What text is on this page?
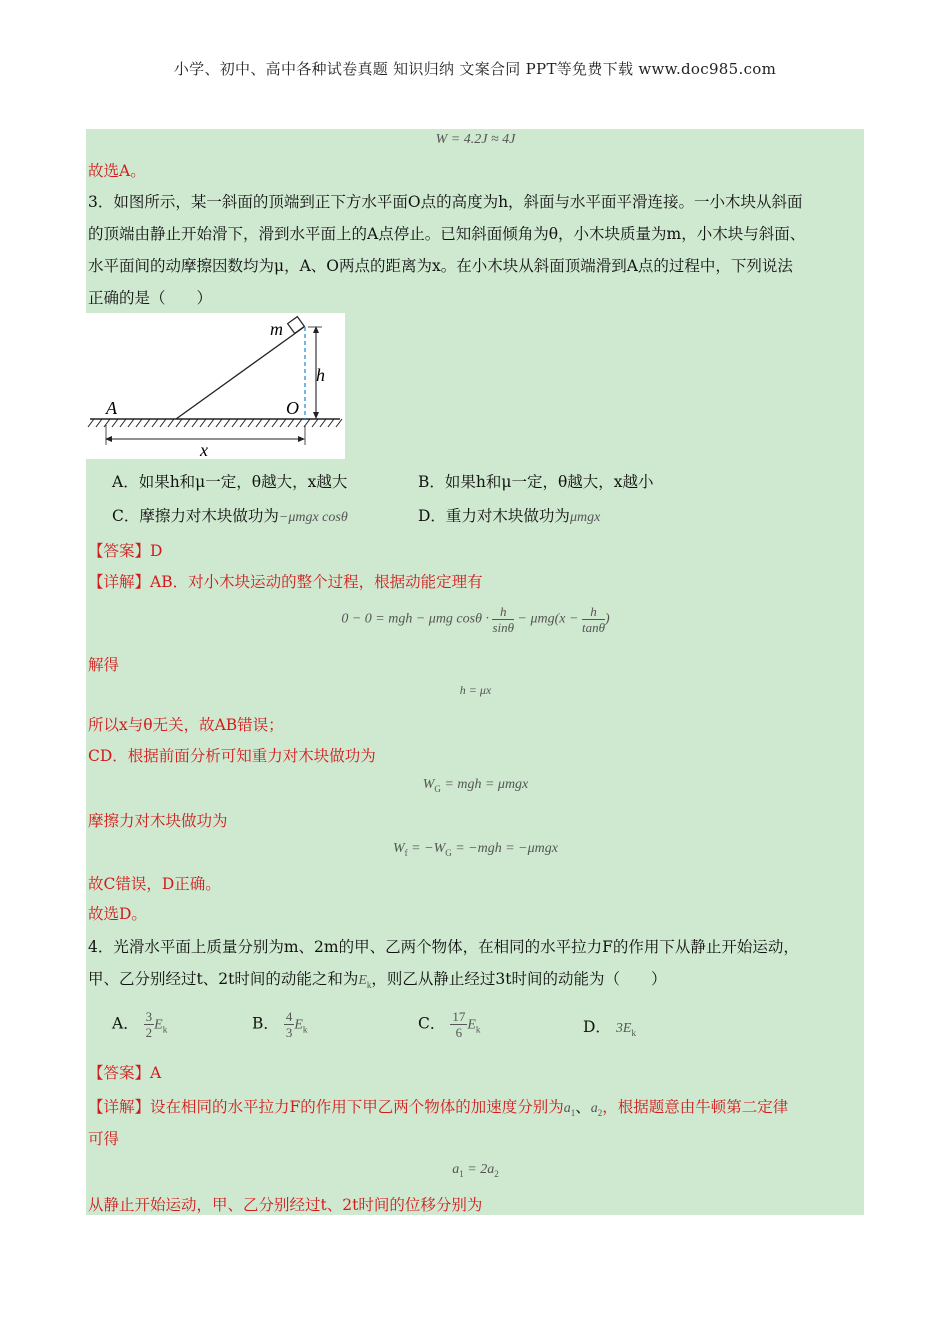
小学、初中、高中各种试卷真题 知识归纳 文案合同 PPT等免费下载 www.doc985.com
W = 4.2J ≈ 4J
故选A。
3．如图所示，某一斜面的顶端到正下方水平面O点的高度为h，斜面与水平面平滑连接。一小木块从斜面
的顶端由静止开始滑下，滑到水平面上的A点停止。已知斜面倾角为θ，小木块质量为m，小木块与斜面、
水平面间的动摩擦因数均为μ，A、O两点的距离为x。在小木块从斜面顶端滑到A点的过程中，下列说法
正确的是（　　）
m
h
A	O
x
A．如果h和μ一定，θ越大，x越大	B．如果h和μ一定，θ越大，x越小
C．摩擦力对木块做功为−μmgx cosθ	D．重力对木块做功为μmgx
【答案】D
【详解】AB．对小木块运动的整个过程，根据动能定理有
0 − 0 = mgh − μmg $\cos\theta \cdot \frac{h}{\sin\theta} - \mu mg(x - \frac{h}{\tan\theta}$ )
解得
h = μx
所以x与θ无关，故AB错误；
CD．根据前面分析可知重力对木块做功为
$W_G$ = mgh = μmgx
摩擦力对木块做功为
$W_f = -W_G = -mgh = -\mu mgx$
故C错误，D正确。
故选D。
4．光滑水平面上质量分别为m、2m的甲、乙两个物体，在相同的水平拉力F的作用下从静止开始运动，
甲、乙分别经过t、2t时间的动能之和为$E_k$，则乙从静止经过3t时间的动能为（　　）
A． $\frac{3}{2} E_k$	B． $\frac{4}{3} E_k$	C． $\frac{17}{6} E_k$	D． $3E_k$
【答案】A
【详解】设在相同的水平拉力F的作用下甲乙两个物体的加速度分别为$a_1$、$a_2$，根据题意由牛顿第二定律
可得
$a_1 = 2a_2$
从静止开始运动，甲、乙分别经过t、2t时间的位移分别为
